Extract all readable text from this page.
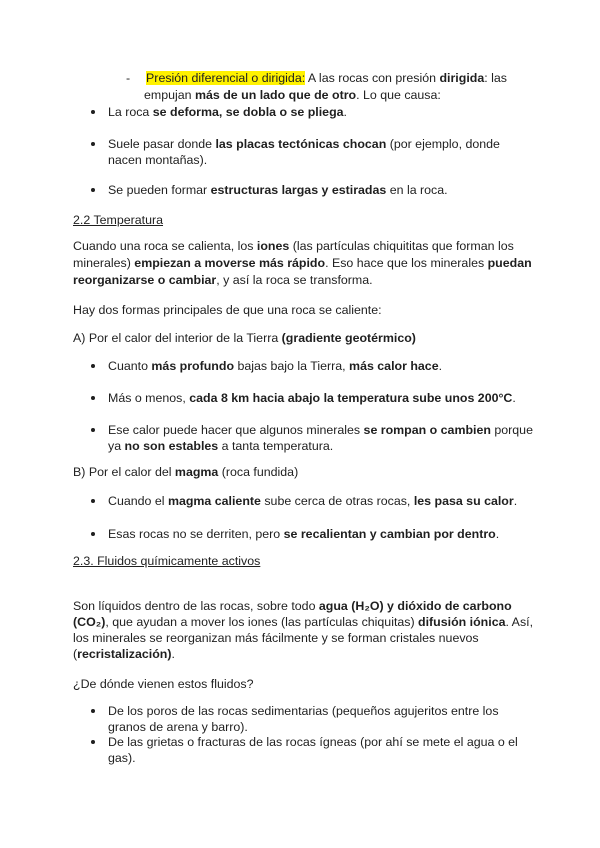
- Presión diferencial o dirigida: A las rocas con presión dirigida: las
empujan más de un lado que de otro. Lo que causa:
La roca se deforma, se dobla o se pliega.
Suele pasar donde las placas tectónicas chocan (por ejemplo, donde
nacen montañas).
Se pueden formar estructuras largas y estiradas en la roca.
2.2 Temperatura
Cuando una roca se calienta, los iones (las partículas chiquititas que forman los
minerales) empiezan a moverse más rápido. Eso hace que los minerales puedan
reorganizarse o cambiar, y así la roca se transforma.
Hay dos formas principales de que una roca se caliente:
A) Por el calor del interior de la Tierra (gradiente geotérmico)
Cuanto más profundo bajas bajo la Tierra, más calor hace.
Más o menos, cada 8 km hacia abajo la temperatura sube unos 200°C.
Ese calor puede hacer que algunos minerales se rompan o cambien porque
ya no son estables a tanta temperatura.
B) Por el calor del magma (roca fundida)
Cuando el magma caliente sube cerca de otras rocas, les pasa su calor.
Esas rocas no se derriten, pero se recalientan y cambian por dentro.
2.3. Fluidos químicamente activos
Son líquidos dentro de las rocas, sobre todo agua (H₂O) y dióxido de carbono
(CO₂), que ayudan a mover los iones (las partículas chiquitas) difusión iónica. Así,
los minerales se reorganizan más fácilmente y se forman cristales nuevos
(recristalización).
¿De dónde vienen estos fluidos?
De los poros de las rocas sedimentarias (pequeños agujeritos entre los
granos de arena y barro).
De las grietas o fracturas de las rocas ígneas (por ahí se mete el agua o el
gas).
